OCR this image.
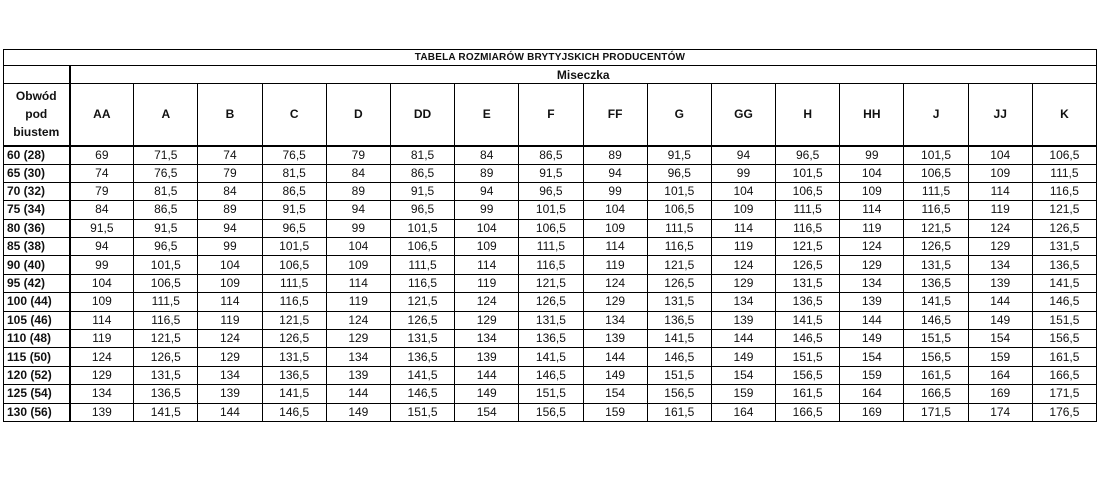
TABELA ROZMIARÓW BRYTYJSKICH PRODUCENTÓW
	Miseczka															

Obwód
pod
biustem	AA	A	B	C	D	DD	E	F	FF	G	GG	H	HH	J	JJ	K
60 (28)	69	71,5	74	76,5	79	81,5	84	86,5	89	91,5	94	96,5	99	101,5	104	106,5
65 (30)	74	76,5	79	81,5	84	86,5	89	91,5	94	96,5	99	101,5	104	106,5	109	111,5
70 (32)	79	81,5	84	86,5	89	91,5	94	96,5	99	101,5	104	106,5	109	111,5	114	116,5
75 (34)	84	86,5	89	91,5	94	96,5	99	101,5	104	106,5	109	111,5	114	116,5	119	121,5
80 (36)	91,5	91,5	94	96,5	99	101,5	104	106,5	109	111,5	114	116,5	119	121,5	124	126,5
85 (38)	94	96,5	99	101,5	104	106,5	109	111,5	114	116,5	119	121,5	124	126,5	129	131,5
90 (40)	99	101,5	104	106,5	109	111,5	114	116,5	119	121,5	124	126,5	129	131,5	134	136,5
95 (42)	104	106,5	109	111,5	114	116,5	119	121,5	124	126,5	129	131,5	134	136,5	139	141,5
100 (44)	109	111,5	114	116,5	119	121,5	124	126,5	129	131,5	134	136,5	139	141,5	144	146,5
105 (46)	114	116,5	119	121,5	124	126,5	129	131,5	134	136,5	139	141,5	144	146,5	149	151,5
110 (48)	119	121,5	124	126,5	129	131,5	134	136,5	139	141,5	144	146,5	149	151,5	154	156,5
115 (50)	124	126,5	129	131,5	134	136,5	139	141,5	144	146,5	149	151,5	154	156,5	159	161,5
120 (52)	129	131,5	134	136,5	139	141,5	144	146,5	149	151,5	154	156,5	159	161,5	164	166,5
125 (54)	134	136,5	139	141,5	144	146,5	149	151,5	154	156,5	159	161,5	164	166,5	169	171,5
130 (56)	139	141,5	144	146,5	149	151,5	154	156,5	159	161,5	164	166,5	169	171,5	174	176,5
